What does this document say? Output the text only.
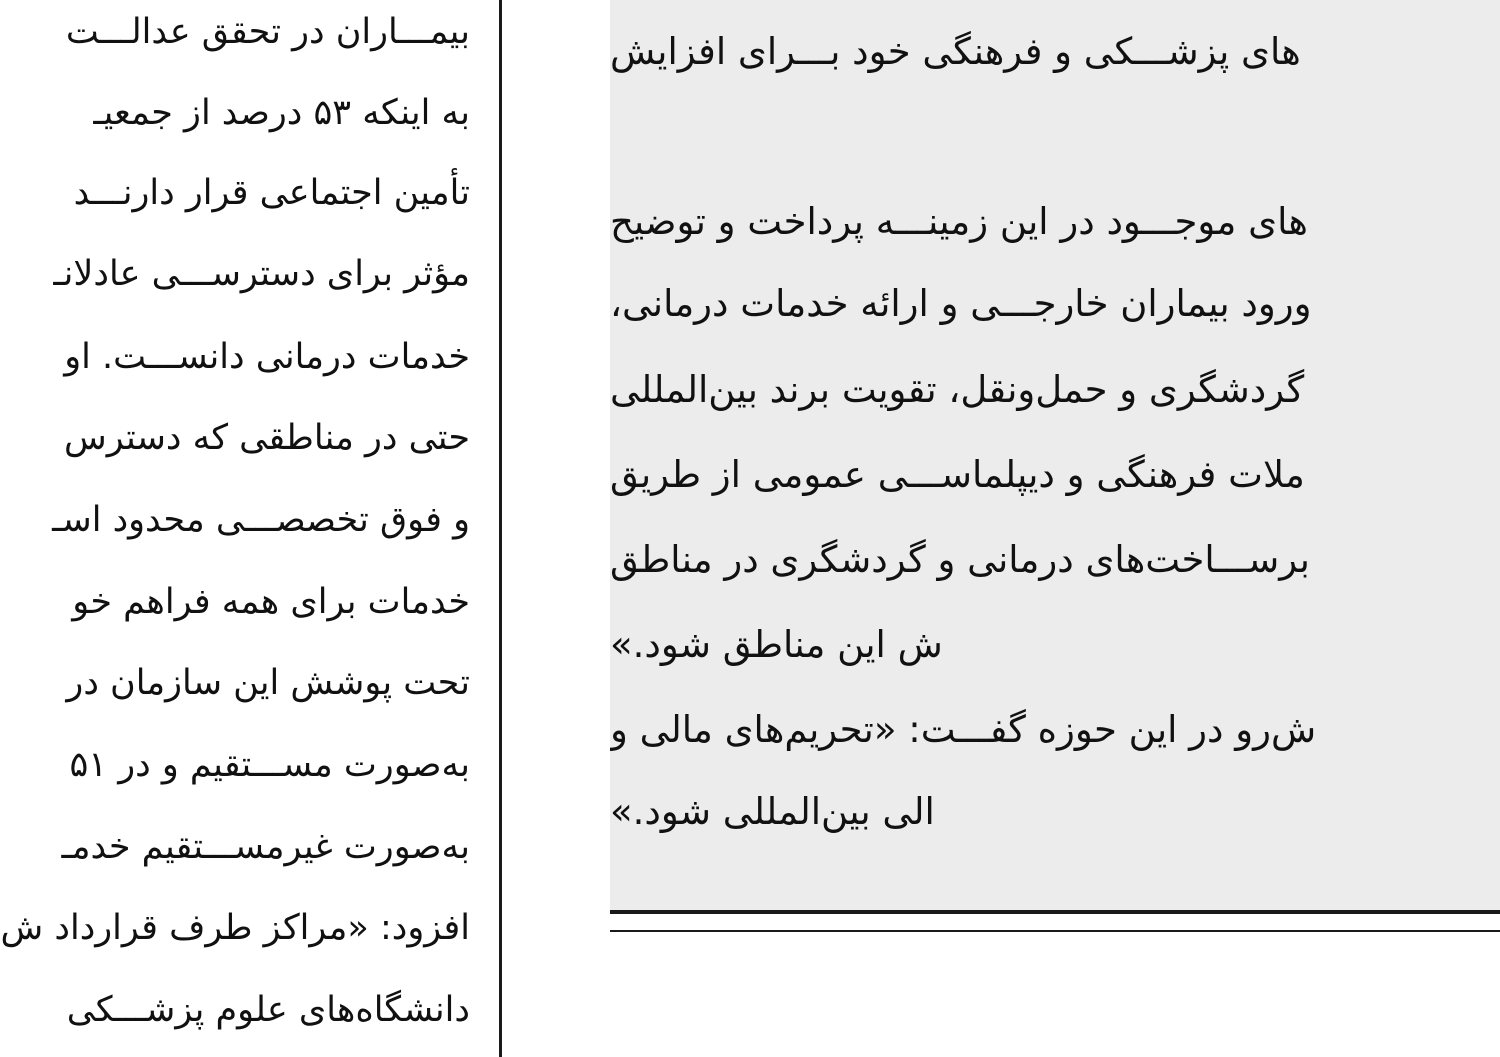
بیمـــاران در تحقق عدالـــت
به اینکه ۵۳ درصد از جمعیـ
تأمین اجتماعی قرار دارنـــد
مؤثر برای دسترســـی عادلانـ
خدمات درمانی دانســـت. او
حتی در مناطقی که دسترس
و فوق تخصصـــی محدود اسـ
خدمات برای همه فراهم خو
تحت پوشش این سازمان در
به‌صورت مســـتقیم و در ۵۱
به‌صورت غیرمســـتقیم خدمـ
افزود: «مراکز طرف قرارداد ش
دانشگاه‌های علوم پزشـــکی
های پزشـــکی و فرهنگی خود بـــرای افزایش
های موجـــود در این زمینـــه پرداخت و توضیح
ورود بیماران خارجـــی و ارائه خدمات درمانی،
گردشگری و حمل‌ونقل، تقویت برند بین‌المللی
ملات فرهنگی و دیپلماســـی عمومی از طریق
برســـاخت‌های درمانی و گردشگری در مناطق
ش این مناطق شود.»
ش‌رو در این حوزه گفـــت: «تحریم‌های مالی و
الی بین‌المللی شود.»
